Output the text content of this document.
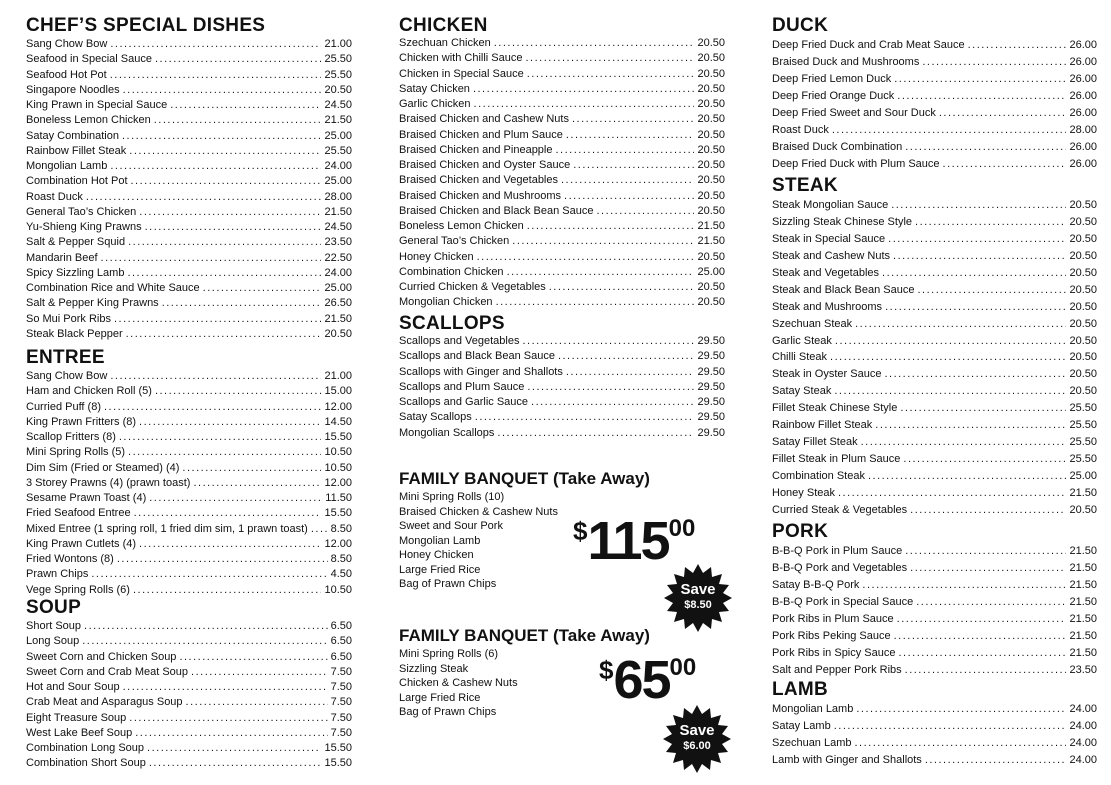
CHEF’S SPECIAL DISHES
Sang Chow Bow .....	21.00
Seafood in Special Sauce .....	25.50
Seafood Hot Pot .....	25.50
Singapore Noodles .....	20.50
King Prawn in Special Sauce .....	24.50
Boneless Lemon Chicken .....	21.50
Satay Combination .....	25.00
Rainbow Fillet Steak .....	25.50
Mongolian Lamb .....	24.00
Combination Hot Pot .....	25.00
Roast Duck .....	28.00
General Tao’s Chicken .....	21.50
Yu-Shieng King Prawns .....	24.50
Salt & Pepper Squid .....	23.50
Mandarin Beef .....	22.50
Spicy Sizzling Lamb .....	24.00
Combination Rice and White Sauce .....	25.00
Salt & Pepper King Prawns .....	26.50
So Mui Pork Ribs .....	21.50
Steak Black Pepper .....	20.50
ENTREE
Sang Chow Bow .....	21.00
Ham and Chicken Roll (5) .....	15.00
Curried Puff (8) .....	12.00
King Prawn Fritters (8) .....	14.50
Scallop Fritters (8) .....	15.50
Mini Spring Rolls (5) .....	10.50
Dim Sim (Fried or Steamed) (4) .....	10.50
3 Storey Prawns (4) (prawn toast) .....	12.00
Sesame Prawn Toast (4) .....	11.50
Fried Seafood Entree .....	15.50
Mixed Entree (1 spring roll, 1 fried dim sim, 1 prawn toast) ..... 8.50
King Prawn Cutlets (4) .....	12.00
Fried Wontons (8) .....	8.50
Prawn Chips .....	4.50
Vege Spring Rolls (6) .....	10.50
SOUP
Short Soup .....	6.50
Long Soup .....	6.50
Sweet Corn and Chicken Soup .....	6.50
Sweet Corn and Crab Meat Soup .....	7.50
Hot and Sour Soup .....	7.50
Crab Meat and Asparagus Soup .....	7.50
Eight Treasure Soup .....	7.50
West Lake Beef Soup .....	7.50
Combination Long Soup .....	15.50
Combination Short Soup .....	15.50
CHICKEN
Szechuan Chicken .....	20.50
Chicken with Chilli Sauce .....	20.50
Chicken in Special Sauce .....	20.50
Satay Chicken .....	20.50
Garlic Chicken .....	20.50
Braised Chicken and Cashew Nuts .....	20.50
Braised Chicken and Plum Sauce .....	20.50
Braised Chicken and Pineapple .....	20.50
Braised Chicken and Oyster Sauce .....	20.50
Braised Chicken and Vegetables .....	20.50
Braised Chicken and Mushrooms .....	20.50
Braised Chicken and Black Bean Sauce .....	20.50
Boneless Lemon Chicken .....	21.50
General Tao’s Chicken .....	21.50
Honey Chicken .....	20.50
Combination Chicken .....	25.00
Curried Chicken & Vegetables .....	20.50
Mongolian Chicken .....	20.50
SCALLOPS
Scallops and Vegetables .....	29.50
Scallops and Black Bean Sauce .....	29.50
Scallops with Ginger and Shallots .....	29.50
Scallops and Plum Sauce .....	29.50
Scallops and Garlic Sauce .....	29.50
Satay Scallops .....	29.50
Mongolian Scallops .....	29.50
FAMILY BANQUET (Take Away)
Mini Spring Rolls (10)
Braised Chicken & Cashew Nuts
Sweet and Sour Pork
Mongolian Lamb
Honey Chicken
Large Fried Rice
Bag of Prawn Chips
$11500
Save
$8.50
FAMILY BANQUET (Take Away)
Mini Spring Rolls (6)
Sizzling Steak
Chicken & Cashew Nuts
Large Fried Rice
Bag of Prawn Chips
$6500
Save
$6.00
DUCK
Deep Fried Duck and Crab Meat Sauce .....	26.00
Braised Duck and Mushrooms .....	26.00
Deep Fried Lemon Duck .....	26.00
Deep Fried Orange Duck .....	26.00
Deep Fried Sweet and Sour Duck .....	26.00
Roast Duck .....	28.00
Braised Duck Combination .....	26.00
Deep Fried Duck with Plum Sauce .....	26.00
STEAK
Steak Mongolian Sauce .....	20.50
Sizzling Steak Chinese Style .....	20.50
Steak in Special Sauce .....	20.50
Steak and Cashew Nuts .....	20.50
Steak and Vegetables .....	20.50
Steak and Black Bean Sauce .....	20.50
Steak and Mushrooms .....	20.50
Szechuan Steak .....	20.50
Garlic Steak .....	20.50
Chilli Steak .....	20.50
Steak in Oyster Sauce .....	20.50
Satay Steak .....	20.50
Fillet Steak Chinese Style .....	25.50
Rainbow Fillet Steak .....	25.50
Satay Fillet Steak .....	25.50
Fillet Steak in Plum Sauce .....	25.50
Combination Steak .....	25.00
Honey Steak .....	21.50
Curried Steak & Vegetables .....	20.50
PORK
B-B-Q Pork in Plum Sauce .....	21.50
B-B-Q Pork and Vegetables .....	21.50
Satay B-B-Q Pork .....	21.50
B-B-Q Pork in Special Sauce .....	21.50
Pork Ribs in Plum Sauce .....	21.50
Pork Ribs Peking Sauce .....	21.50
Pork Ribs in Spicy Sauce .....	21.50
Salt and Pepper Pork Ribs .....	23.50
LAMB
Mongolian Lamb .....	24.00
Satay Lamb .....	24.00
Szechuan Lamb .....	24.00
Lamb with Ginger and Shallots .....	24.00
